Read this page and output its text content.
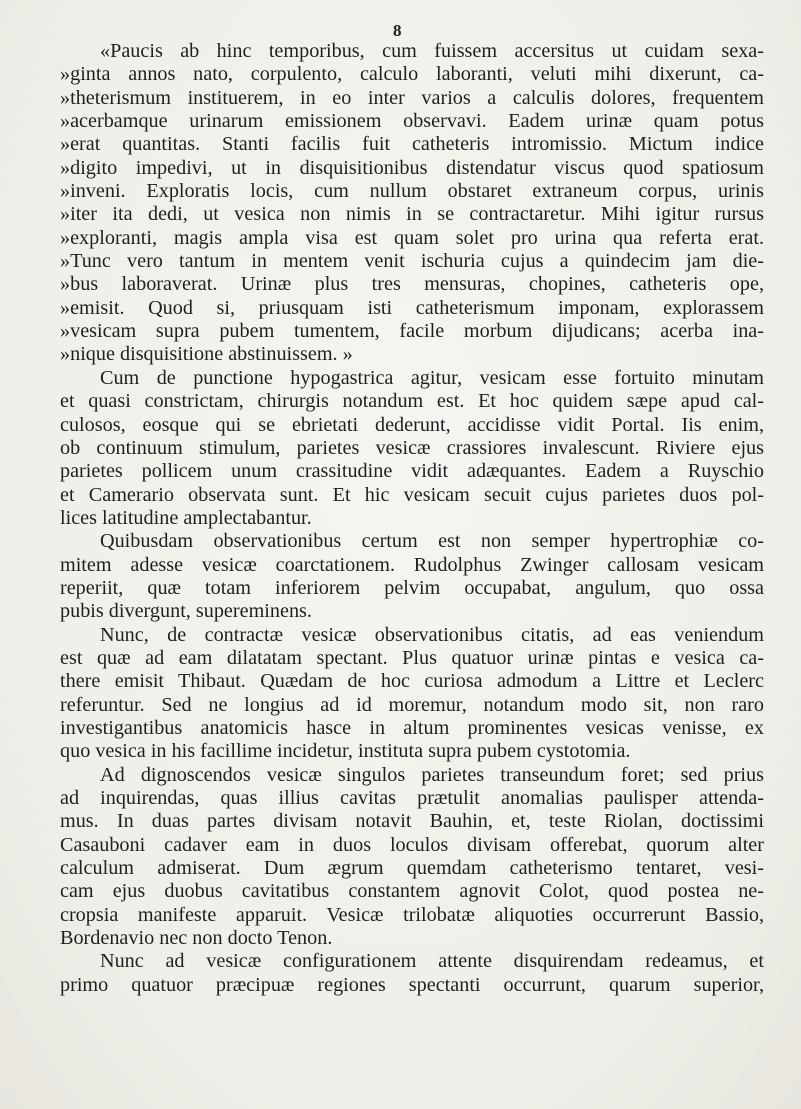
8
«Paucis ab hinc temporibus, cum fuissem accersitus ut cuidam sexa-
»ginta annos nato, corpulento, calculo laboranti, veluti mihi dixerunt, ca-
»theterismum instituerem, in eo inter varios a calculis dolores, frequentem
»acerbamque urinarum emissionem observavi. Eadem urinæ quam potus
»erat quantitas. Stanti facilis fuit catheteris intromissio. Mictum indice
»digito impedivi, ut in disquisitionibus distendatur viscus quod spatiosum
»inveni. Exploratis locis, cum nullum obstaret extraneum corpus, urinis
»iter ita dedi, ut vesica non nimis in se contractaretur. Mihi igitur rursus
»exploranti, magis ampla visa est quam solet pro urina qua referta erat.
»Tunc vero tantum in mentem venit ischuria cujus a quindecim jam die-
»bus laboraverat. Urinæ plus tres mensuras, chopines, catheteris ope,
»emisit. Quod si, priusquam isti catheterismum imponam, explorassem
»vesicam supra pubem tumentem, facile morbum dijudicans; acerba ina-
»nique disquisitione abstinuissem. »
Cum de punctione hypogastrica agitur, vesicam esse fortuito minutam
et quasi constrictam, chirurgis notandum est. Et hoc quidem sæpe apud cal-
culosos, eosque qui se ebrietati dederunt, accidisse vidit Portal. Iis enim,
ob continuum stimulum, parietes vesicæ crassiores invalescunt. Riviere ejus
parietes pollicem unum crassitudine vidit adæquantes. Eadem a Ruyschio
et Camerario observata sunt. Et hic vesicam secuit cujus parietes duos pol-
lices latitudine amplectabantur.
Quibusdam observationibus certum est non semper hypertrophiæ co-
mitem adesse vesicæ coarctationem. Rudolphus Zwinger callosam vesicam
reperiit, quæ totam inferiorem pelvim occupabat, angulum, quo ossa
pubis divergunt, supereminens.
Nunc, de contractæ vesicæ observationibus citatis, ad eas veniendum
est quæ ad eam dilatatam spectant. Plus quatuor urinæ pintas e vesica ca-
there emisit Thibaut. Quædam de hoc curiosa admodum a Littre et Leclerc
referuntur. Sed ne longius ad id moremur, notandum modo sit, non raro
investigantibus anatomicis hasce in altum prominentes vesicas venisse, ex
quo vesica in his facillime incidetur, instituta supra pubem cystotomia.
Ad dignoscendos vesicæ singulos parietes transeundum foret; sed prius
ad inquirendas, quas illius cavitas prætulit anomalias paulisper attenda-
mus. In duas partes divisam notavit Bauhin, et, teste Riolan, doctissimi
Casauboni cadaver eam in duos loculos divisam offerebat, quorum alter
calculum admiserat. Dum ægrum quemdam catheterismo tentaret, vesi-
cam ejus duobus cavitatibus constantem agnovit Colot, quod postea ne-
cropsia manifeste apparuit. Vesicæ trilobatæ aliquoties occurrerunt Bassio,
Bordenavio nec non docto Tenon.
Nunc ad vesicæ configurationem attente disquirendam redeamus, et
primo quatuor præcipuæ regiones spectanti occurrunt, quarum superior,
